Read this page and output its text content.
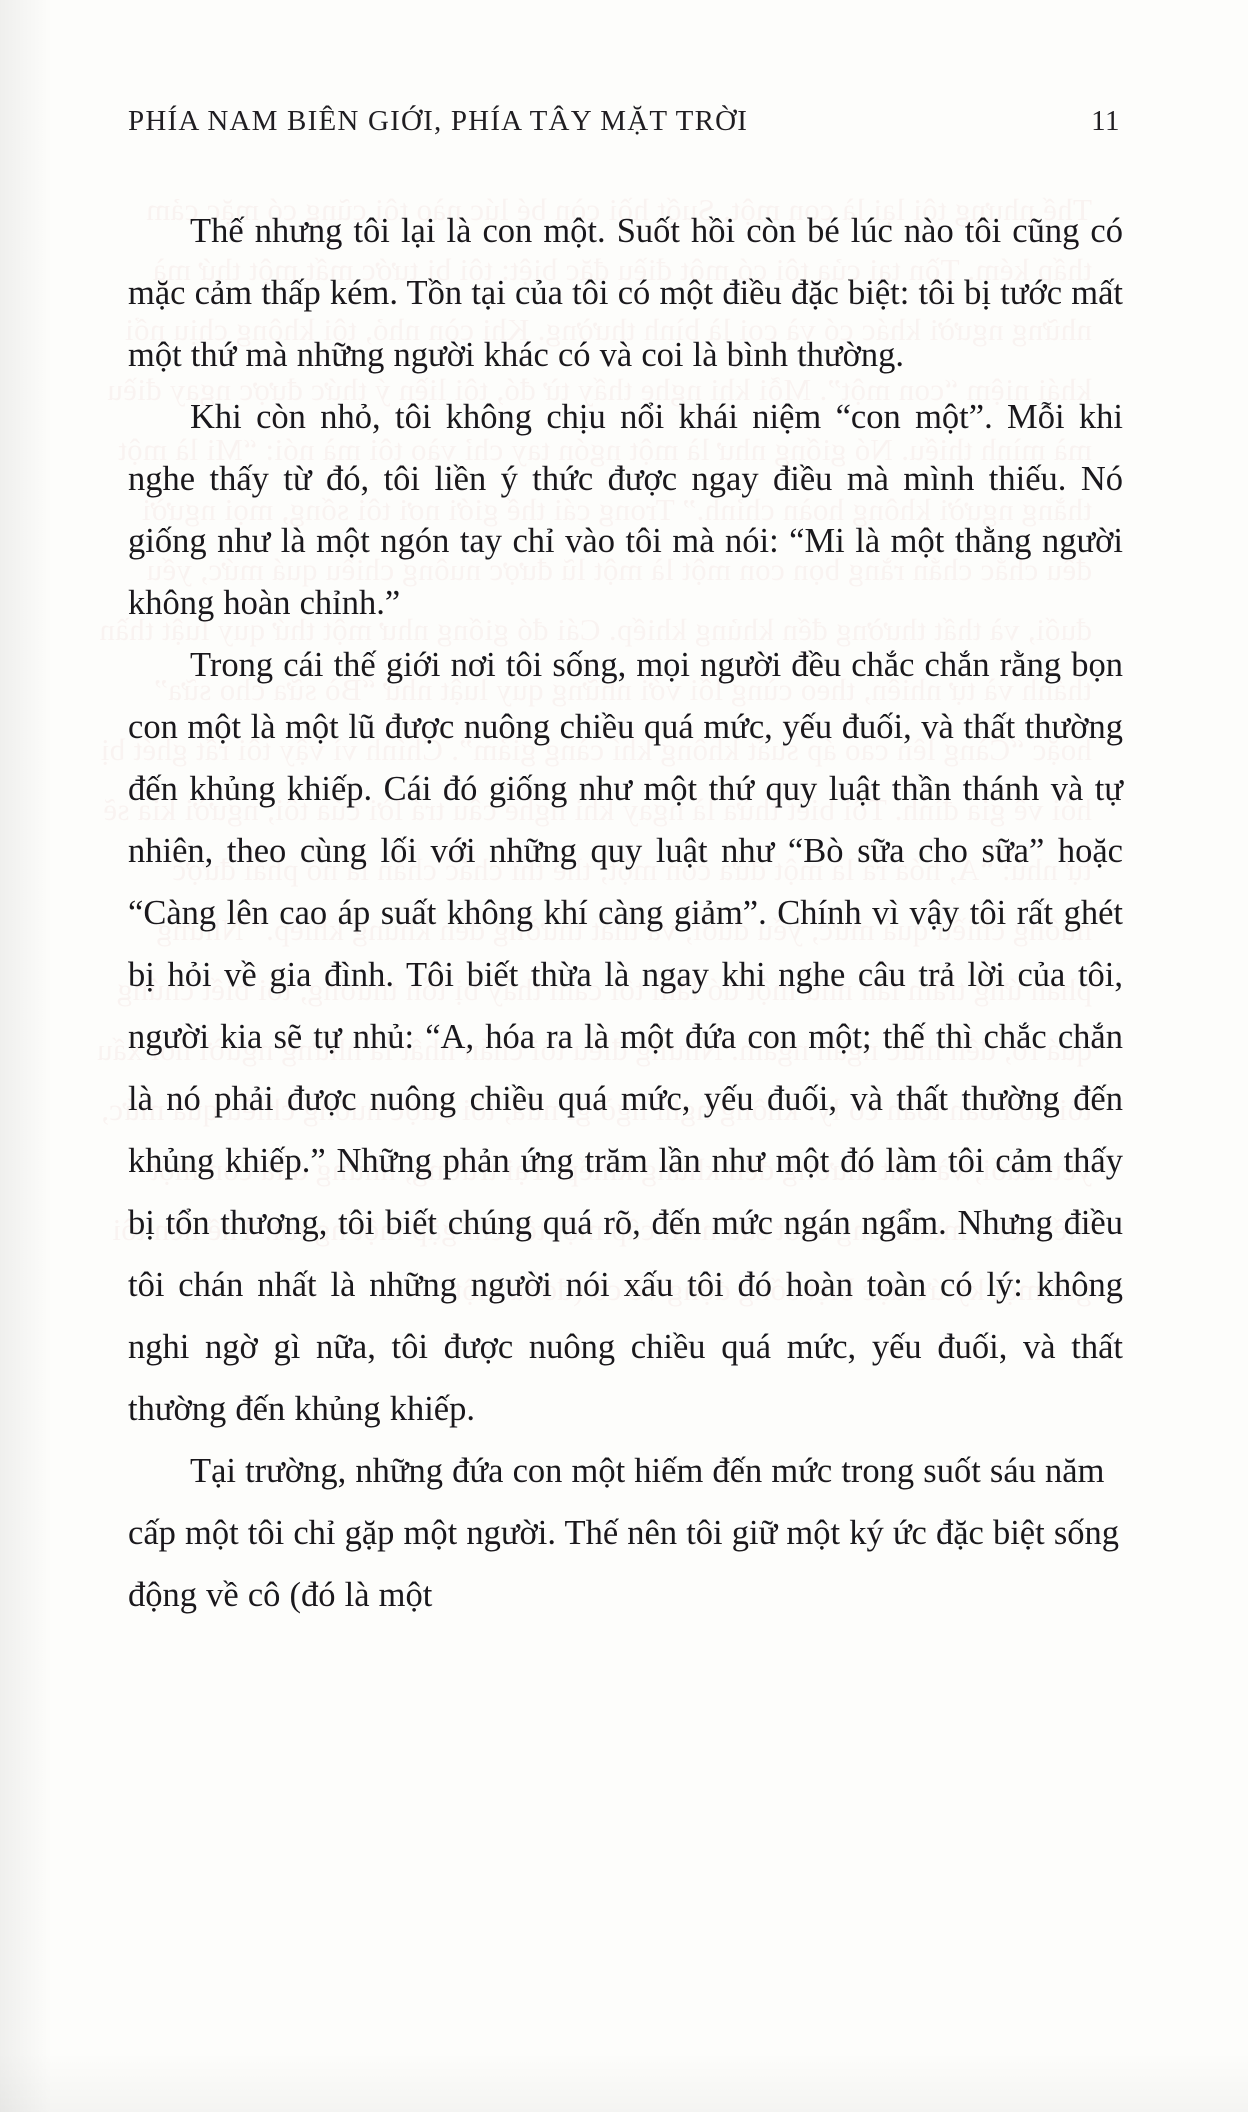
PHÍA NAM BIÊN GIỚI, PHÍA TÂY MẶT TRỜI	11

Thế nhưng tôi lại là con một. Suốt hồi còn bé lúc nào tôi cũng có mặc cảm thấp kém. Tồn tại của tôi có một điều đặc biệt: tôi bị tước mất một thứ mà những người khác có và coi là bình thường.

Khi còn nhỏ, tôi không chịu nổi khái niệm “con một”. Mỗi khi nghe thấy từ đó, tôi liền ý thức được ngay điều mà mình thiếu. Nó giống như là một ngón tay chỉ vào tôi mà nói: “Mi là một thằng người không hoàn chỉnh.”

Trong cái thế giới nơi tôi sống, mọi người đều chắc chắn rằng bọn con một là một lũ được nuông chiều quá mức, yếu đuối, và thất thường đến khủng khiếp. Cái đó giống như một thứ quy luật thần thánh và tự nhiên, theo cùng lối với những quy luật như “Bò sữa cho sữa” hoặc “Càng lên cao áp suất không khí càng giảm”. Chính vì vậy tôi rất ghét bị hỏi về gia đình. Tôi biết thừa là ngay khi nghe câu trả lời của tôi, người kia sẽ tự nhủ: “A, hóa ra là một đứa con một; thế thì chắc chắn là nó phải được nuông chiều quá mức, yếu đuối, và thất thường đến khủng khiếp.” Những phản ứng trăm lần như một đó làm tôi cảm thấy bị tổn thương, tôi biết chúng quá rõ, đến mức ngán ngẩm. Nhưng điều tôi chán nhất là những người nói xấu tôi đó hoàn toàn có lý: không nghi ngờ gì nữa, tôi được nuông chiều quá mức, yếu đuối, và thất thường đến khủng khiếp.

Tại trường, những đứa con một hiếm đến mức trong suốt sáu năm cấp một tôi chỉ gặp một người. Thế nên tôi giữ một ký ức đặc biệt sống động về cô (đó là một
